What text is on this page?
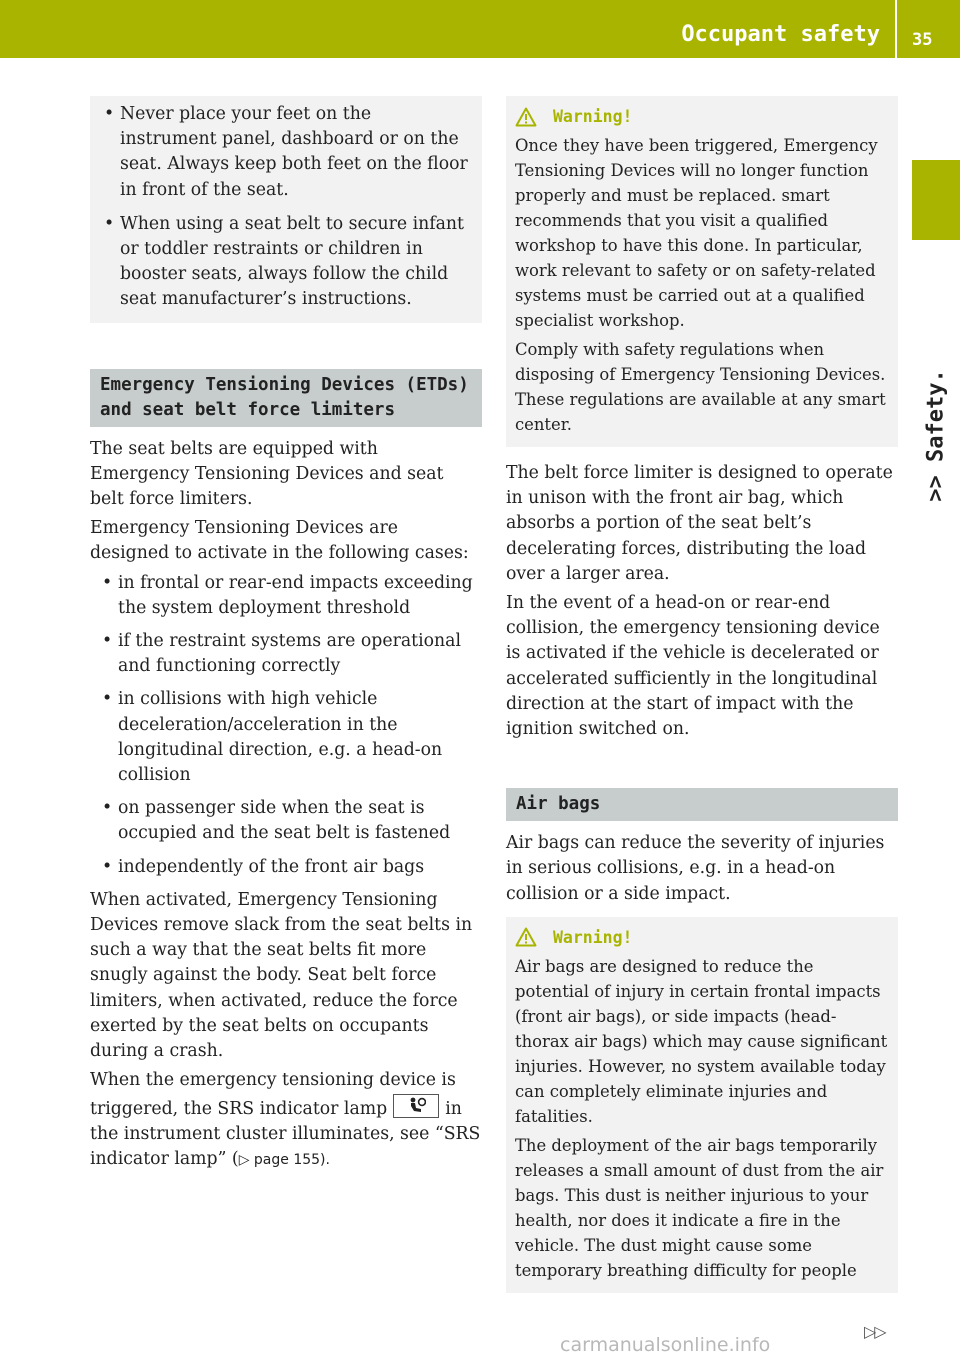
Occupant safety 35
>> Safety.
• Never place your feet on the instrument panel, dashboard or on the seat. Always keep both feet on the floor in front of the seat.
• When using a seat belt to secure infant or toddler restraints or children in booster seats, always follow the child seat manufacturer’s instructions.
Emergency Tensioning Devices (ETDs) and seat belt force limiters
The seat belts are equipped with Emergency Tensioning Devices and seat belt force limiters.
Emergency Tensioning Devices are designed to activate in the following cases:
• in frontal or rear-end impacts exceeding the system deployment threshold
• if the restraint systems are operational and functioning correctly
• in collisions with high vehicle deceleration/acceleration in the longitudinal direction, e.g. a head-on collision
• on passenger side when the seat is occupied and the seat belt is fastened
• independently of the front air bags
When activated, Emergency Tensioning Devices remove slack from the seat belts in such a way that the seat belts fit more snugly against the body. Seat belt force limiters, when activated, reduce the force exerted by the seat belts on occupants during a crash.
When the emergency tensioning device is triggered, the SRS indicator lamp	in the instrument cluster illuminates, see “SRS indicator lamp” (▷ page 155).
Warning!
Once they have been triggered, Emergency Tensioning Devices will no longer function properly and must be replaced. smart recommends that you visit a qualified workshop to have this done. In particular, work relevant to safety or on safety-related systems must be carried out at a qualified specialist workshop.
Comply with safety regulations when disposing of Emergency Tensioning Devices. These regulations are available at any smart center.
The belt force limiter is designed to operate in unison with the front air bag, which absorbs a portion of the seat belt’s decelerating forces, distributing the load over a larger area.
In the event of a head-on or rear-end collision, the emergency tensioning device is activated if the vehicle is decelerated or accelerated sufficiently in the longitudinal direction at the start of impact with the ignition switched on.
Air bags
Air bags can reduce the severity of injuries in serious collisions, e.g. in a head-on collision or a side impact.
Warning!
Air bags are designed to reduce the potential of injury in certain frontal impacts (front air bags), or side impacts (head-thorax air bags) which may cause significant injuries. However, no system available today can completely eliminate injuries and fatalities.
The deployment of the air bags temporarily releases a small amount of dust from the air bags. This dust is neither injurious to your health, nor does it indicate a fire in the vehicle. The dust might cause some temporary breathing difficulty for people
▷▷
carmanualsonline.info
